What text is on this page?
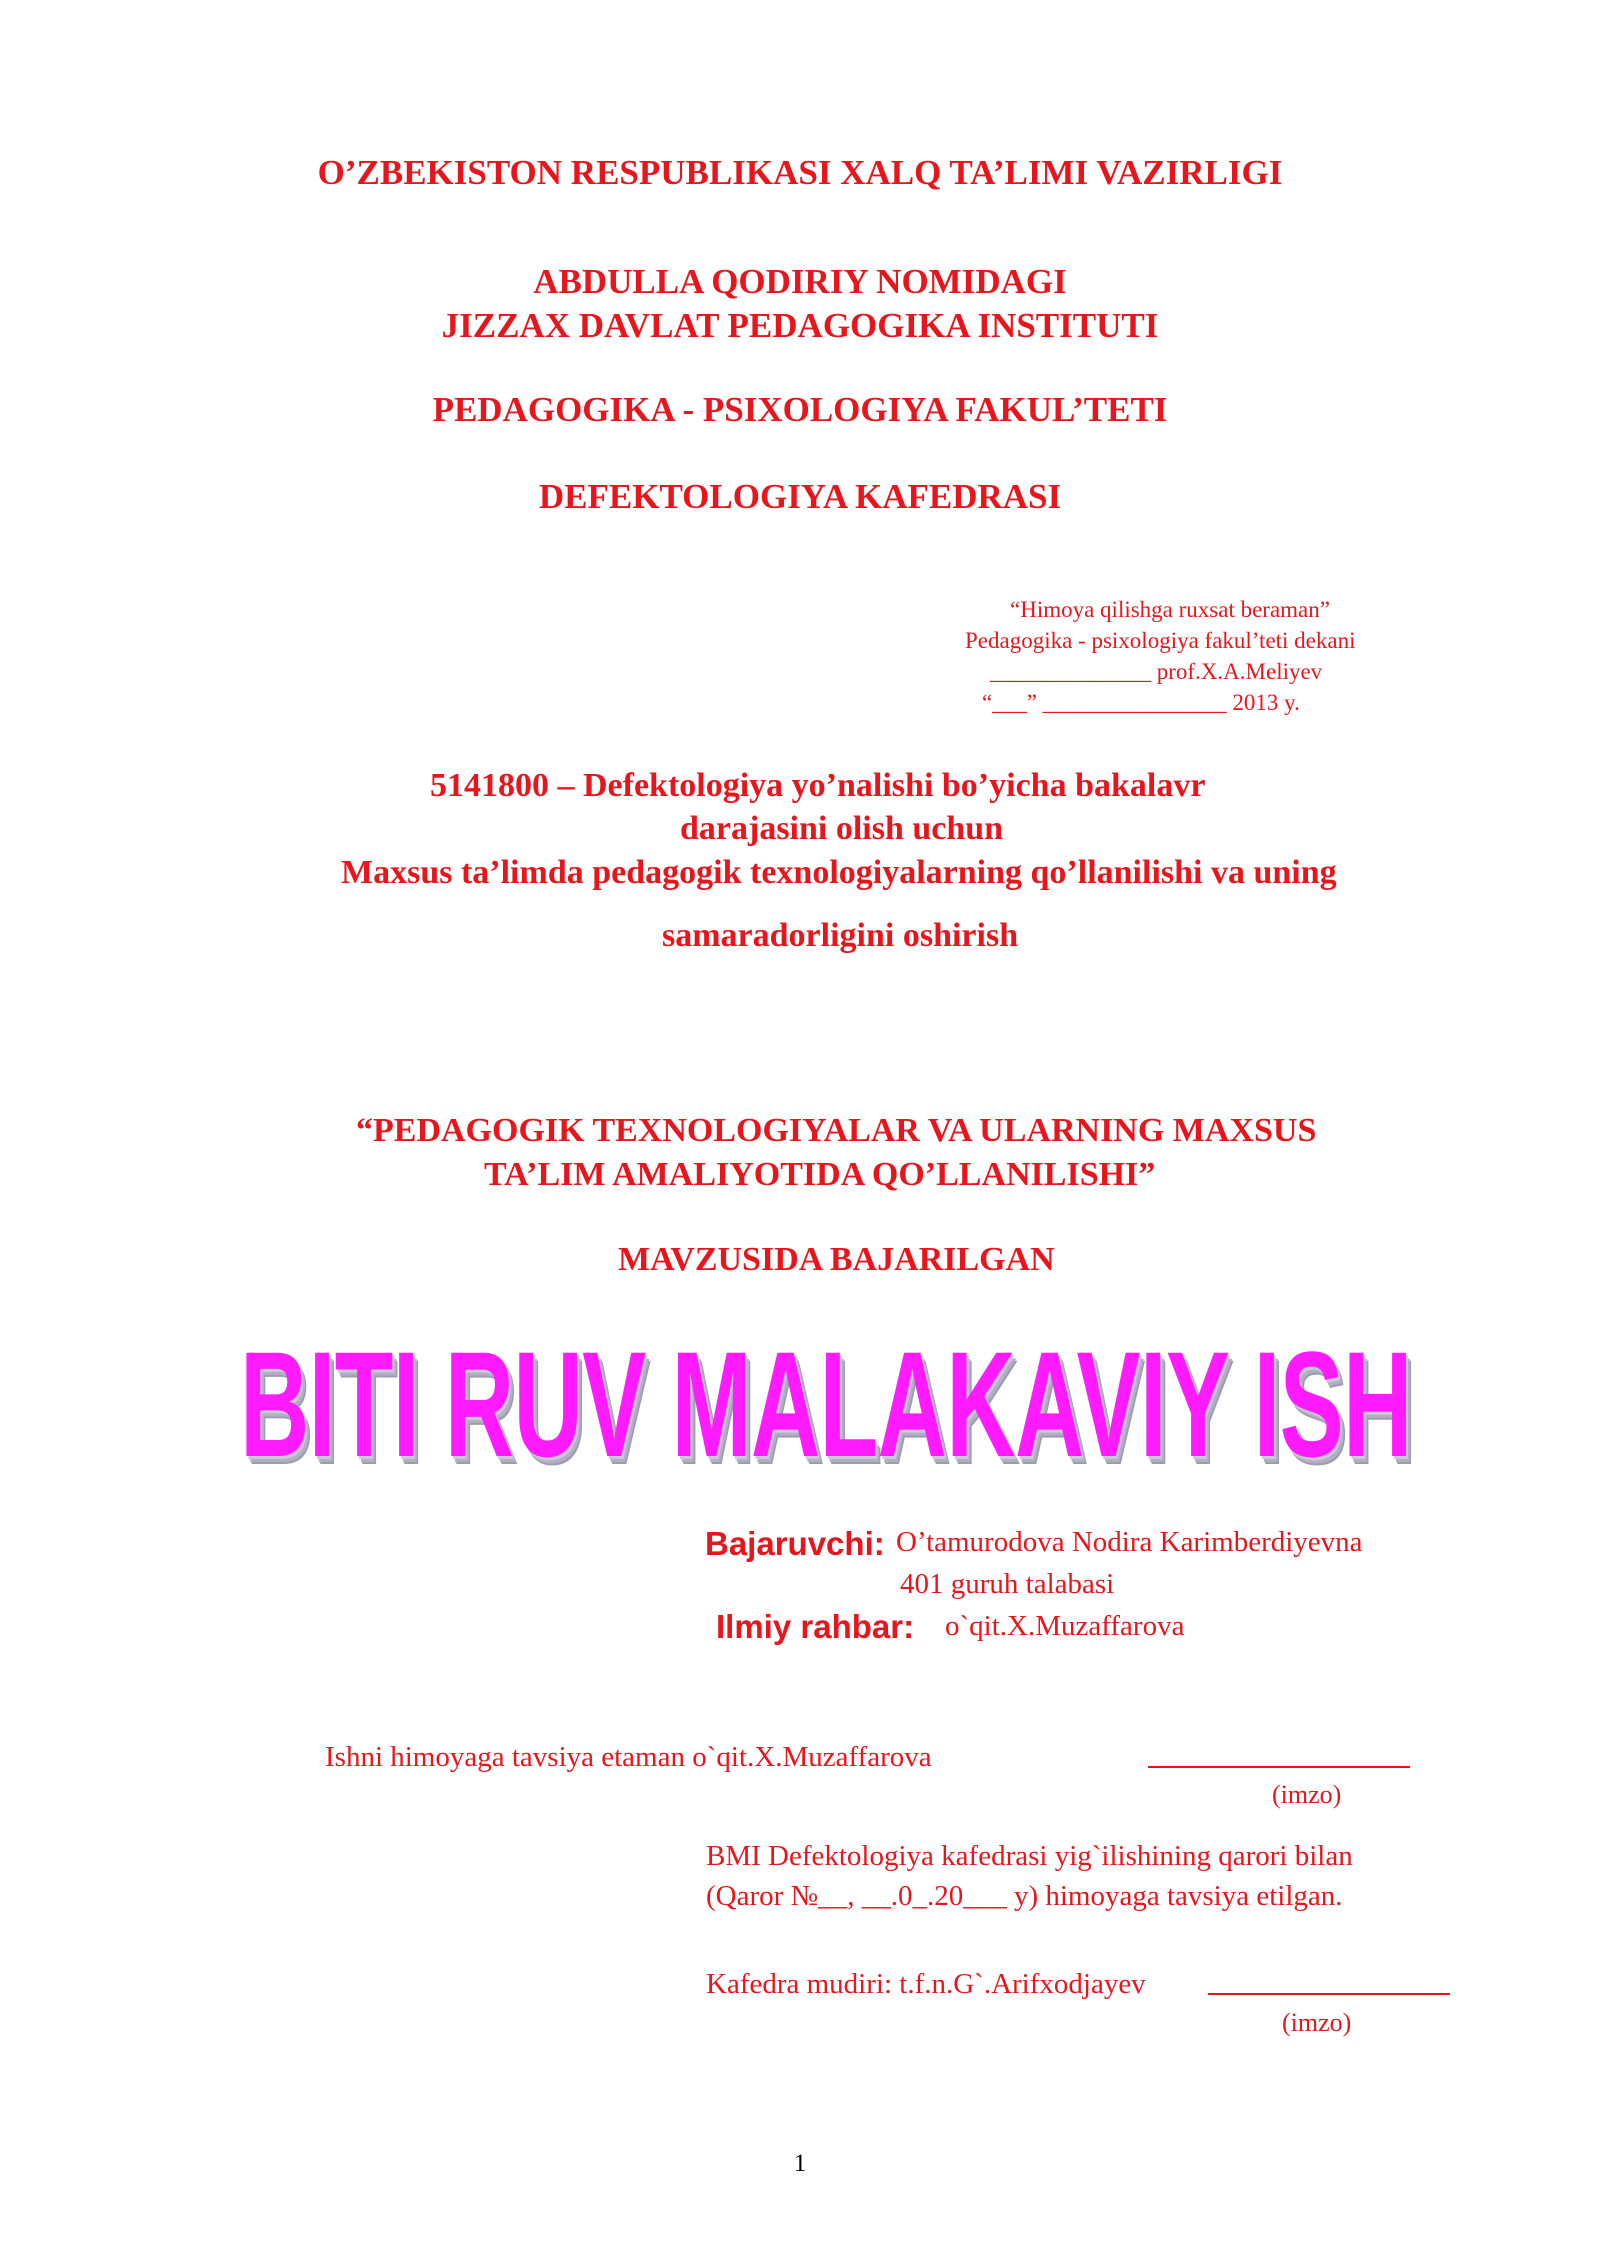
O’ZBEKISTON RESPUBLIKASI XALQ TA’LIMI VAZIRLIGI

ABDULLA QODIRIY NOMIDAGI

JIZZAX DAVLAT PEDAGOGIKA INSTITUTI

PEDAGOGIKA - PSIXOLOGIYA FAKUL’TETI

DEFEKTOLOGIYA KAFEDRASI

“Himoya qilishga ruxsat beraman”

Pedagogika - psixologiya fakul’teti dekani

______________ prof.X.A.Meliyev

“___” ________________ 2013 y.

5141800 – Defektologiya yo’nalishi bo’yicha bakalavr

darajasini olish uchun

Maxsus ta’limda pedagogik texnologiyalarning qo’llanilishi va uning

samaradorligini oshirish

“PEDAGOGIK TEXNOLOGIYALAR VA ULARNING MAXSUS

TA’LIM AMALIYOTIDA QO’LLANILISHI”

MAVZUSIDA BAJARILGAN

BITI RUV MALAKAVIY ISH

Bajaruvchi: O’tamurodova Nodira Karimberdiyevna

401 guruh talabasi

Ilmiy rahbar: o`qit.X.Muzaffarova

Ishni himoyaga tavsiya etaman o`qit.X.Muzaffarova

(imzo)

BMI Defektologiya kafedrasi yig`ilishining qarori bilan

(Qaror №__, __.0_.20___ y) himoyaga tavsiya etilgan.

Kafedra mudiri: t.f.n.G`.Arifxodjayev

(imzo)

1
